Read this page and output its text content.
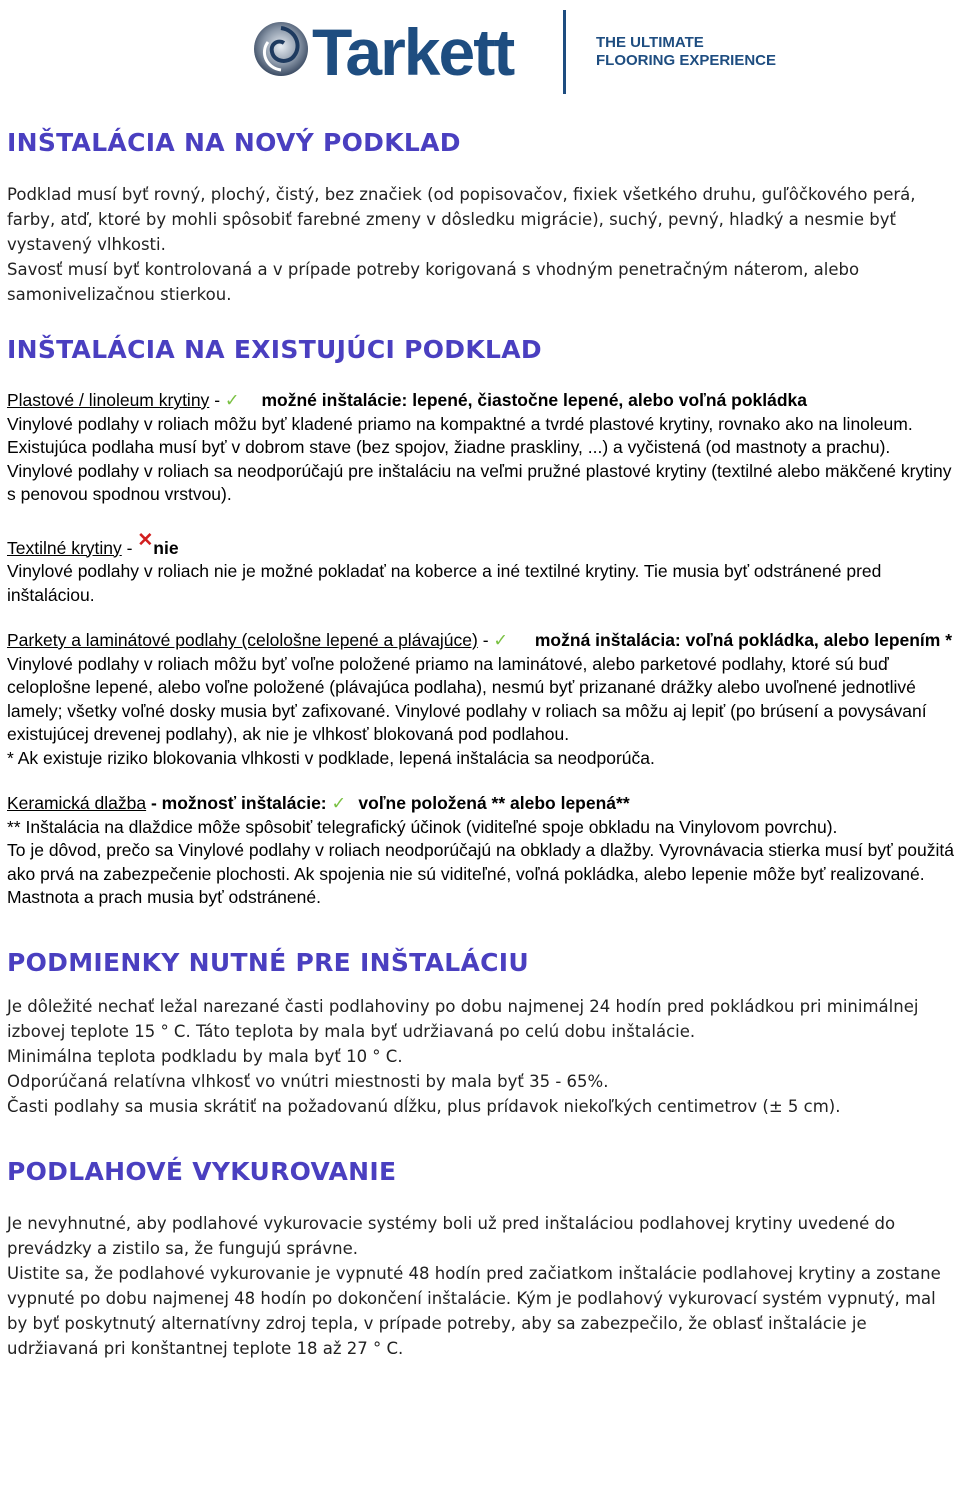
Tarkett	THE ULTIMATE
FLOORING EXPERIENCE
INŠTALÁCIA NA NOVÝ PODKLAD

Podklad musí byť rovný, plochý, čistý, bez značiek (od popisovačov, fixiek všetkého druhu, guľôčkového perá, farby, atď, ktoré by mohli spôsobiť farebné zmeny v dôsledku migrácie), suchý, pevný, hladký a nesmie byť vystavený vlhkosti.

Savosť musí byť kontrolovaná a v prípade potreby korigovaná s vhodným penetračným náterom, alebo samonivelizačnou stierkou.

INŠTALÁCIA NA EXISTUJÚCI PODKLAD

Plastové / linoleum krytiny - ✓ možné inštalácie: lepené, čiastočne lepené, alebo voľná pokládka

Vinylové podlahy v roliach môžu byť kladené priamo na kompaktné a tvrdé plastové krytiny, rovnako ako na linoleum.

Existujúca podlaha musí byť v dobrom stave (bez spojov, žiadne praskliny, ...) a vyčistená (od mastnoty a prachu). Vinylové podlahy v roliach sa neodporúčajú pre inštaláciu na veľmi pružné plastové krytiny (textilné alebo mäkčené krytiny s penovou spodnou vrstvou).

Textilné krytiny - ✕nie

Vinylové podlahy v roliach nie je možné pokladať na koberce a iné textilné krytiny. Tie musia byť odstránené pred inštaláciou.

Parkety a laminátové podlahy (celološne lepené a plávajúce) - ✓ možná inštalácia: voľná pokládka, alebo lepením *

Vinylové podlahy v roliach môžu byť voľne položené priamo na laminátové, alebo parketové podlahy, ktoré sú buď celoplošne lepené, alebo voľne položené (plávajúca podlaha), nesmú byť prizanané drážky alebo uvoľnené jednotlivé lamely; všetky voľné dosky musia byť zafixované. Vinylové podlahy v roliach sa môžu aj lepiť (po brúsení a povysávaní existujúcej drevenej podlahy), ak nie je vlhkosť blokovaná pod podlahou.

* Ak existuje riziko blokovania vlhkosti v podklade, lepená inštalácia sa neodporúča.

Keramická dlažba - možnosť inštalácie: ✓ voľne položená ** alebo lepená**

** Inštalácia na dlaždice môže spôsobiť telegrafický účinok (viditeľné spoje obkladu na Vinylovom povrchu).

To je dôvod, prečo sa Vinylové podlahy v roliach neodporúčajú na obklady a dlažby. Vyrovnávacia stierka musí byť použitá ako prvá na zabezpečenie plochosti. Ak spojenia nie sú viditeľné, voľná pokládka, alebo lepenie môže byť realizované. Mastnota a prach musia byť odstránené.

PODMIENKY NUTNÉ PRE INŠTALÁCIU

Je dôležité nechať ležal narezané časti podlahoviny po dobu najmenej 24 hodín pred pokládkou pri minimálnej izbovej teplote 15 ° C. Táto teplota by mala byť udržiavaná po celú dobu inštalácie.

Minimálna teplota podkladu by mala byť 10 ° C.

Odporúčaná relatívna vlhkosť vo vnútri miestnosti by mala byť 35 - 65%.

Časti podlahy sa musia skrátiť na požadovanú dĺžku, plus prídavok niekoľkých centimetrov (± 5 cm).

PODLAHOVÉ VYKUROVANIE

Je nevyhnutné, aby podlahové vykurovacie systémy boli už pred inštaláciou podlahovej krytiny uvedené do prevádzky a zistilo sa, že fungujú správne.

Uistite sa, že podlahové vykurovanie je vypnuté 48 hodín pred začiatkom inštalácie podlahovej krytiny a zostane vypnuté po dobu najmenej 48 hodín po dokončení inštalácie. Kým je podlahový vykurovací systém vypnutý, mal by byť poskytnutý alternatívny zdroj tepla, v prípade potreby, aby sa zabezpečilo, že oblasť inštalácie je udržiavaná pri konštantnej teplote 18 až 27 ° C.
